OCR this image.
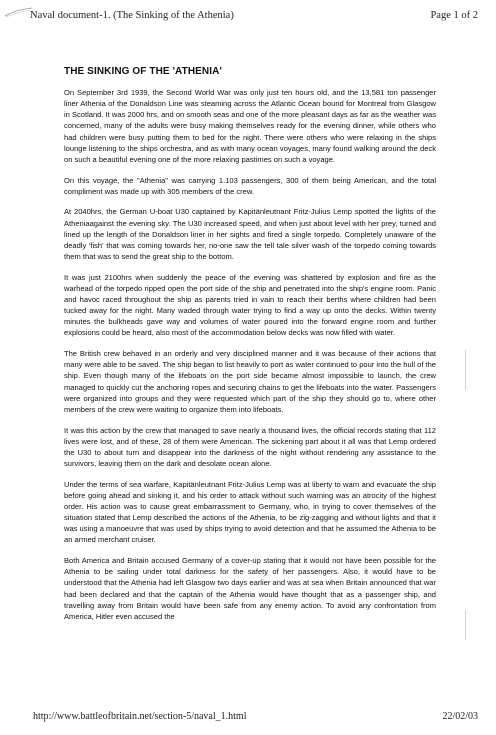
Naval document-1. (The Sinking of the Athenia)	Page 1 of 2
THE SINKING OF THE 'ATHENIA'

On September 3rd 1939, the Second World War was only just ten hours old, and the 13,581 ton passenger liner Athenia of the Donaldson Line was steaming across the Atlantic Ocean bound for Montreal from Glasgow in Scotland. It was 2000 hrs, and on smooth seas and one of the more pleasant days as far as the weather was concerned, many of the adults were busy making themselves ready for the evening dinner, while others who had children were busy putting them to bed for the night. There were others who were relaxing in the ships lounge listening to the ships orchestra, and as with many ocean voyages, many found walking around the deck on such a beautiful evening one of the more relaxing pastimes on such a voyage.

On this voyage, the "Athenia" was carrying 1.103 passengers, 300 of them being American, and the total compliment was made up with 305 members of the crew.

At 2040hrs, the German U-boat U30 captained by Kapitänleutnant Fritz-Julius Lemp spotted the lights of the Atheniaagainst the evening sky. The U30 increased speed, and when just about level with her prey, turned and lined up the length of the Donaldson liner in her sights and fired a single torpedo. Completely unaware of the deadly 'fish' that was coming towards her, no-one saw the tell tale silver wash of the torpedo coming towards them that was to send the great ship to the bottom.

It was just 2100hrs when suddenly the peace of the evening was shattered by explosion and fire as the warhead of the torpedo ripped open the port side of the ship and penetrated into the ship's engine room. Panic and havoc raced throughout the ship as parents tried in vain to reach their berths where children had been tucked away for the night. Many waded through water trying to find a way up onto the decks. Within twenty minutes the bulkheads gave way and volumes of water poured into the forward engine room and further explosions could be heard, also most of the accommodation below decks was now filled with water.

The British crew behaved in an orderly and very disciplined manner and it was because of their actions that many were able to be saved. The ship began to list heavily to port as water continued to pour into the hull of the ship. Even though many of the lifeboats on the port side became almost impossible to launch, the crew managed to quickly cut the anchoring ropes and securing chains to get the lifeboats into the water. Passengers were organized into groups and they were requested which part of the ship they should go to, where other members of the crew were waiting to organize them into lifeboats.

It was this action by the crew that managed to save nearly a thousand lives, the official records stating that 112 lives were lost, and of these, 28 of them were American. The sickening part about it all was that Lemp ordered the U30 to about turn and disappear into the darkness of the night without rendering any assistance to the survivors, leaving them on the dark and desolate ocean alone.

Under the terms of sea warfare, Kapitänleutnant Fritz-Julius Lemp was at liberty to warn and evacuate the ship before going ahead and sinking it, and his order to attack without such warning was an atrocity of the highest order. His action was to cause great embarrassment to Germany, who, in trying to cover themselves of the situation stated that Lemp described the actions of the Athenia, to be zig-zagging and without lights and that it was using a manoeuvre that was used by ships trying to avoid detection and that he assumed the Athenia to be an armed merchant cruiser.

Both America and Britain accused Germany of a cover-up stating that it would not have been possible for the Athenia to be sailing under total darkness for the safety of her passengers. Also, it would have to be understood that the Athenia had left Glasgow two days earlier and was at sea when Britain announced that war had been declared and that the captain of the Athenia would have thought that as a passenger ship, and travelling away from Britain would have been safe from any enemy action. To avoid any confrontation from America, Hitler even accused the

http://www.battleofbritain.net/section-5/naval_1.html	22/02/03
